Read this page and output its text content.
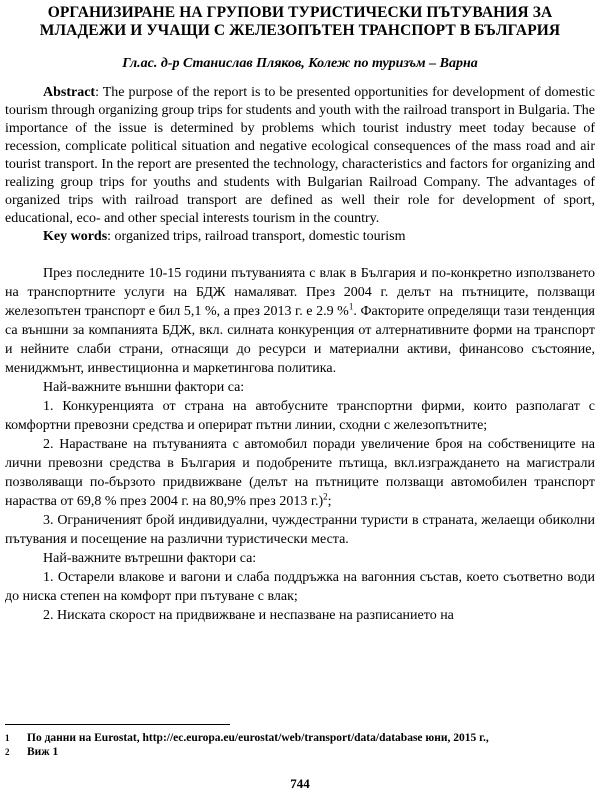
ОРГАНИЗИРАНЕ НА ГРУПОВИ ТУРИСТИЧЕСКИ ПЪТУВАНИЯ ЗА
МЛАДЕЖИ И УЧАЩИ С ЖЕЛЕЗОПЪТЕН ТРАНСПОРТ В БЪЛГАРИЯ
Гл.ас. д-р Станислав Пляков, Колеж по туризъм – Варна

Abstract: The purpose of the report is to be presented opportunities for development of domestic tourism through organizing group trips for students and youth with the railroad transport in Bulgaria. The importance of the issue is determined by problems which tourist industry meet today because of recession, complicate political situation and negative ecological consequences of the mass road and air tourist transport. In the report are presented the technology, characteristics and factors for organizing and realizing group trips for youths and students with Bulgarian Railroad Company. The advantages of organized trips with railroad transport are defined as well their role for development of sport, educational, eco- and other special interests tourism in the country.

Key words: organized trips, railroad transport, domestic tourism

През последните 10-15 години пътуванията с влак в България и по-конкретно използването на транспортните услуги на БДЖ намаляват. През 2004 г. делът на пътниците, ползващи железопътен транспорт е бил 5,1 %, а през 2013 г. е 2.9 %$^1$. Факторите определящи тази тенденция са външни за компанията БДЖ, вкл. силната конкуренция от алтернативните форми на транспорт и нейните слаби страни, отнасящи до ресурси и материални активи, финансово състояние, мениджмънт, инвестиционна и маркетингова политика.

Най-важните външни фактори са:

1. Конкуренцията от страна на автобусните транспортни фирми, които разполагат с комфортни превозни средства и оперират пътни линии, сходни с железопътните;

2. Нарастване на пътуванията с автомобил поради увеличение броя на собствениците на лични превозни средства в България и подобрените пътища, вкл.изграждането на магистрали позволяващи по-бързото придвижване (делът на пътниците ползващи автомобилен транспорт нараства от 69,8 % през 2004 г. на 80,9% през 2013 г.)$^2$;

3. Ограниченият брой индивидуални, чуждестранни туристи в страната, желаещи обиколни пътувания и посещение на различни туристически места.

Най-важните вътрешни фактори са:

1. Остарели влакове и вагони и слаба поддръжка на вагонния състав, което съответно води до ниска степен на комфорт при пътуване с влак;

2. Ниската скорост на придвижване и неспазване на разписанието на

1	По данни на Eurostat, http://ec.europa.eu/eurostat/web/transport/data/database юни, 2015 г.,
2	Виж 1
744
